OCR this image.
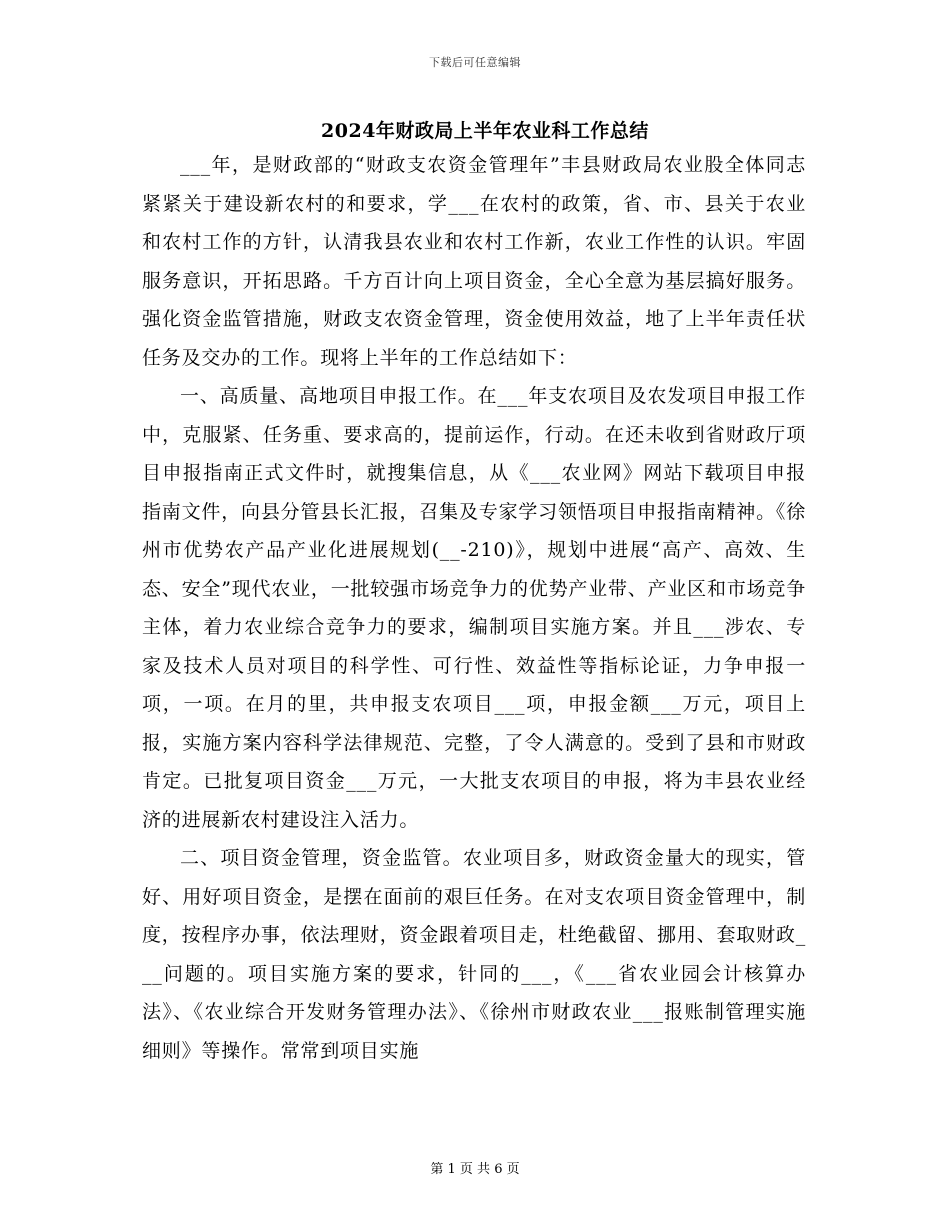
下载后可任意编辑
2024年财政局上半年农业科工作总结

___年，是财政部的“财政支农资金管理年”丰县财政局农业股全体同志紧紧关于建设新农村的和要求，学___在农村的政策，省、市、县关于农业和农村工作的方针，认清我县农业和农村工作新，农业工作性的认识。牢固服务意识，开拓思路。千方百计向上项目资金，全心全意为基层搞好服务。强化资金监管措施，财政支农资金管理，资金使用效益，地了上半年责任状任务及交办的工作。现将上半年的工作总结如下：

一、高质量、高地项目申报工作。在___年支农项目及农发项目申报工作中，克服紧、任务重、要求高的，提前运作，行动。在还未收到省财政厅项目申报指南正式文件时，就搜集信息，从《___农业网》网站下载项目申报指南文件，向县分管县长汇报，召集及专家学习领悟项目申报指南精神。《徐州市优势农产品产业化进展规划(__-210)》，规划中进展“高产、高效、生态、安全”现代农业，一批较强市场竞争力的优势产业带、产业区和市场竞争主体，着力农业综合竞争力的要求，编制项目实施方案。并且___涉农、专家及技术人员对项目的科学性、可行性、效益性等指标论证，力争申报一项，一项。在月的里，共申报支农项目___项，申报金额___万元，项目上报，实施方案内容科学法律规范、完整，了令人满意的。受到了县和市财政肯定。已批复项目资金___万元，一大批支农项目的申报，将为丰县农业经济的进展新农村建设注入活力。

二、项目资金管理，资金监管。农业项目多，财政资金量大的现实，管好、用好项目资金，是摆在面前的艰巨任务。在对支农项目资金管理中，制度，按程序办事，依法理财，资金跟着项目走，杜绝截留、挪用、套取财政___问题的。项目实施方案的要求，针同的___，《___省农业园会计核算办法》、《农业综合开发财务管理办法》、《徐州市财政农业___报账制管理实施细则》等操作。常常到项目实施

第 1 页 共 6 页
